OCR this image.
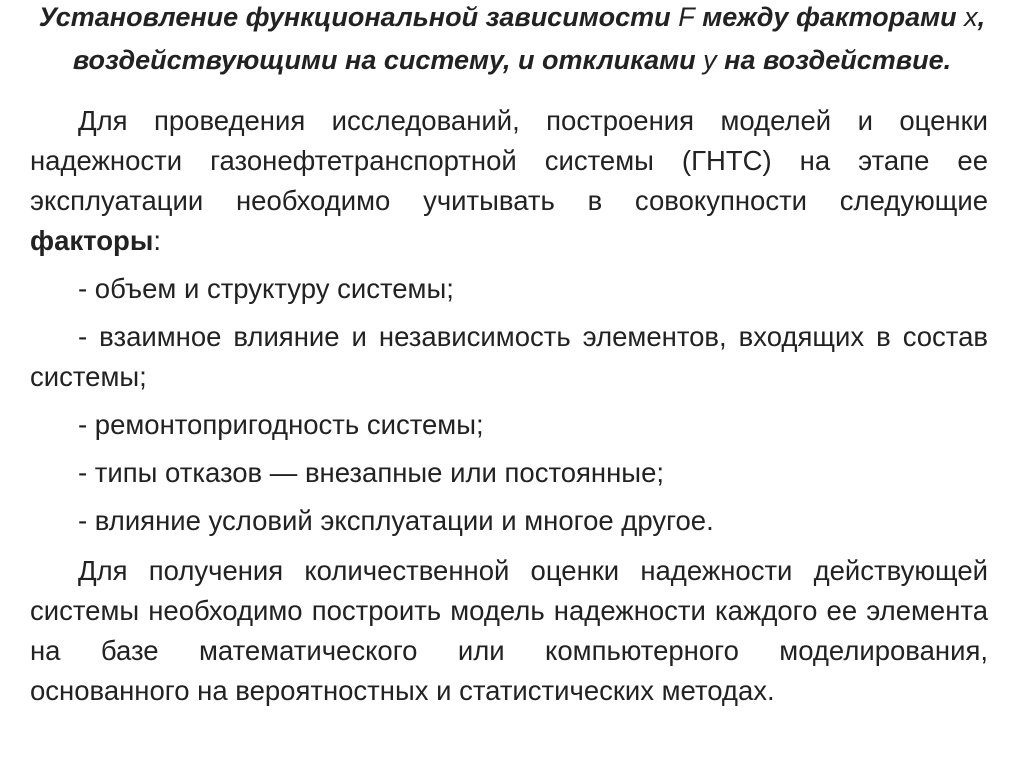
Установление функциональной зависимости F между факторами x, воздействующими на систему, и откликами y на воздействие.

Для проведения исследований, построения моделей и оценки надежности газонефтетранспортной системы (ГНТС) на этапе ее эксплуатации необходимо учитывать в совокупности следующие факторы:

- объем и структуру системы;

- взаимное влияние и независимость элементов, входящих в состав системы;

- ремонтопригодность системы;

- типы отказов — внезапные или постоянные;

- влияние условий эксплуатации и многое другое.

Для получения количественной оценки надежности действующей системы необходимо построить модель надежности каждого ее элемента на базе математического или компьютерного моделирования, основанного на вероятностных и статистических методах.
